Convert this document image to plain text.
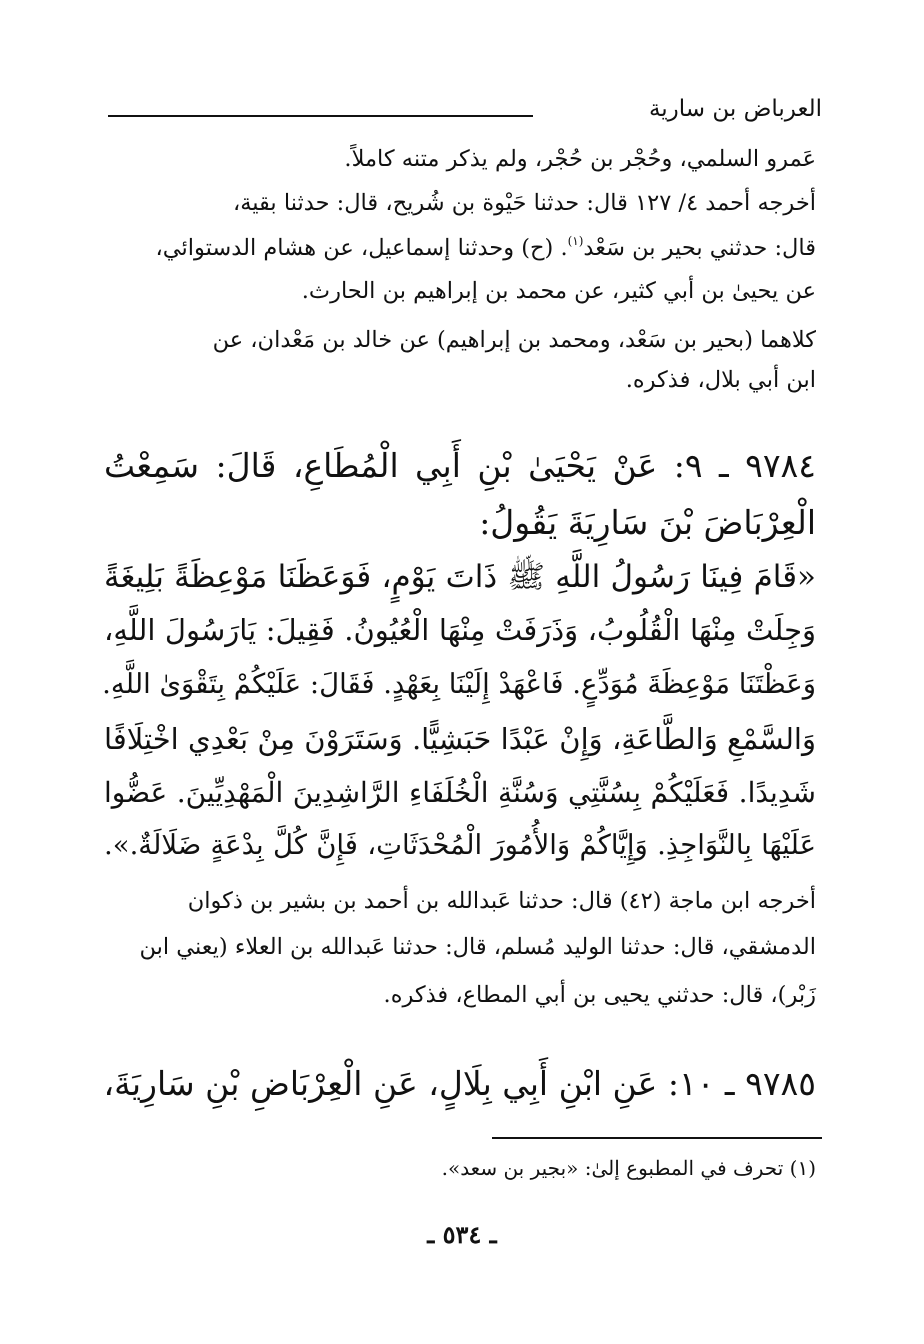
العرباض بن سارية
عَمرو السلمي، وحُجْر بن حُجْر، ولم يذكر متنه كاملاً.
أخرجه أحمد ٤/ ١٢٧ قال: حدثنا حَيْوة بن شُريح، قال: حدثنا بقية،
قال: حدثني بحير بن سَعْد$^{(١)}$. (ح) وحدثنا إسماعيل، عن هشام الدستوائي،
عن يحيىٰ بن أبي كثير، عن محمد بن إبراهيم بن الحارث.
كلاهما (بحير بن سَعْد، ومحمد بن إبراهيم) عن خالد بن مَعْدان، عن
ابن أبي بلال، فذكره.
٩٧٨٤ ـ ٩: عَنْ يَحْيَىٰ بْنِ أَبِي الْمُطَاعِ، قَالَ: سَمِعْتُ
الْعِرْبَاضَ بْنَ سَارِيَةَ يَقُولُ:
«قَامَ فِينَا رَسُولُ اللَّهِ ﷺ ذَاتَ يَوْمٍ، فَوَعَظَنَا مَوْعِظَةً بَلِيغَةً
وَجِلَتْ مِنْهَا الْقُلُوبُ، وَذَرَفَتْ مِنْهَا الْعُيُونُ. فَقِيلَ: يَارَسُولَ اللَّهِ،
وَعَظْتَنَا مَوْعِظَةَ مُوَدِّعٍ. فَاعْهَدْ إِلَيْنَا بِعَهْدٍ. فَقَالَ: عَلَيْكُمْ بِتَقْوَىٰ اللَّهِ.
وَالسَّمْعِ وَالطَّاعَةِ، وَإِنْ عَبْدًا حَبَشِيًّا. وَسَتَرَوْنَ مِنْ بَعْدِي اخْتِلَافًا
شَدِيدًا. فَعَلَيْكُمْ بِسُنَّتِي وَسُنَّةِ الْخُلَفَاءِ الرَّاشِدِينَ الْمَهْدِيِّينَ. عَضُّوا
عَلَيْهَا بِالنَّوَاجِذِ. وَإِيَّاكُمْ وَالأُمُورَ الْمُحْدَثَاتِ، فَإِنَّ كُلَّ بِدْعَةٍ ضَلَالَةٌ.».
أخرجه ابن ماجة (٤٢) قال: حدثنا عَبدالله بن أحمد بن بشير بن ذكوان
الدمشقي، قال: حدثنا الوليد مُسلم، قال: حدثنا عَبدالله بن العلاء (يعني ابن
زَبْر)، قال: حدثني يحيى بن أبي المطاع، فذكره.
٩٧٨٥ ـ ١٠: عَنِ ابْنِ أَبِي بِلَالٍ، عَنِ الْعِرْبَاضِ بْنِ سَارِيَةَ،
(١) تحرف في المطبوع إلىٰ: «بجير بن سعد».
ـ ٥٣٤ ـ
